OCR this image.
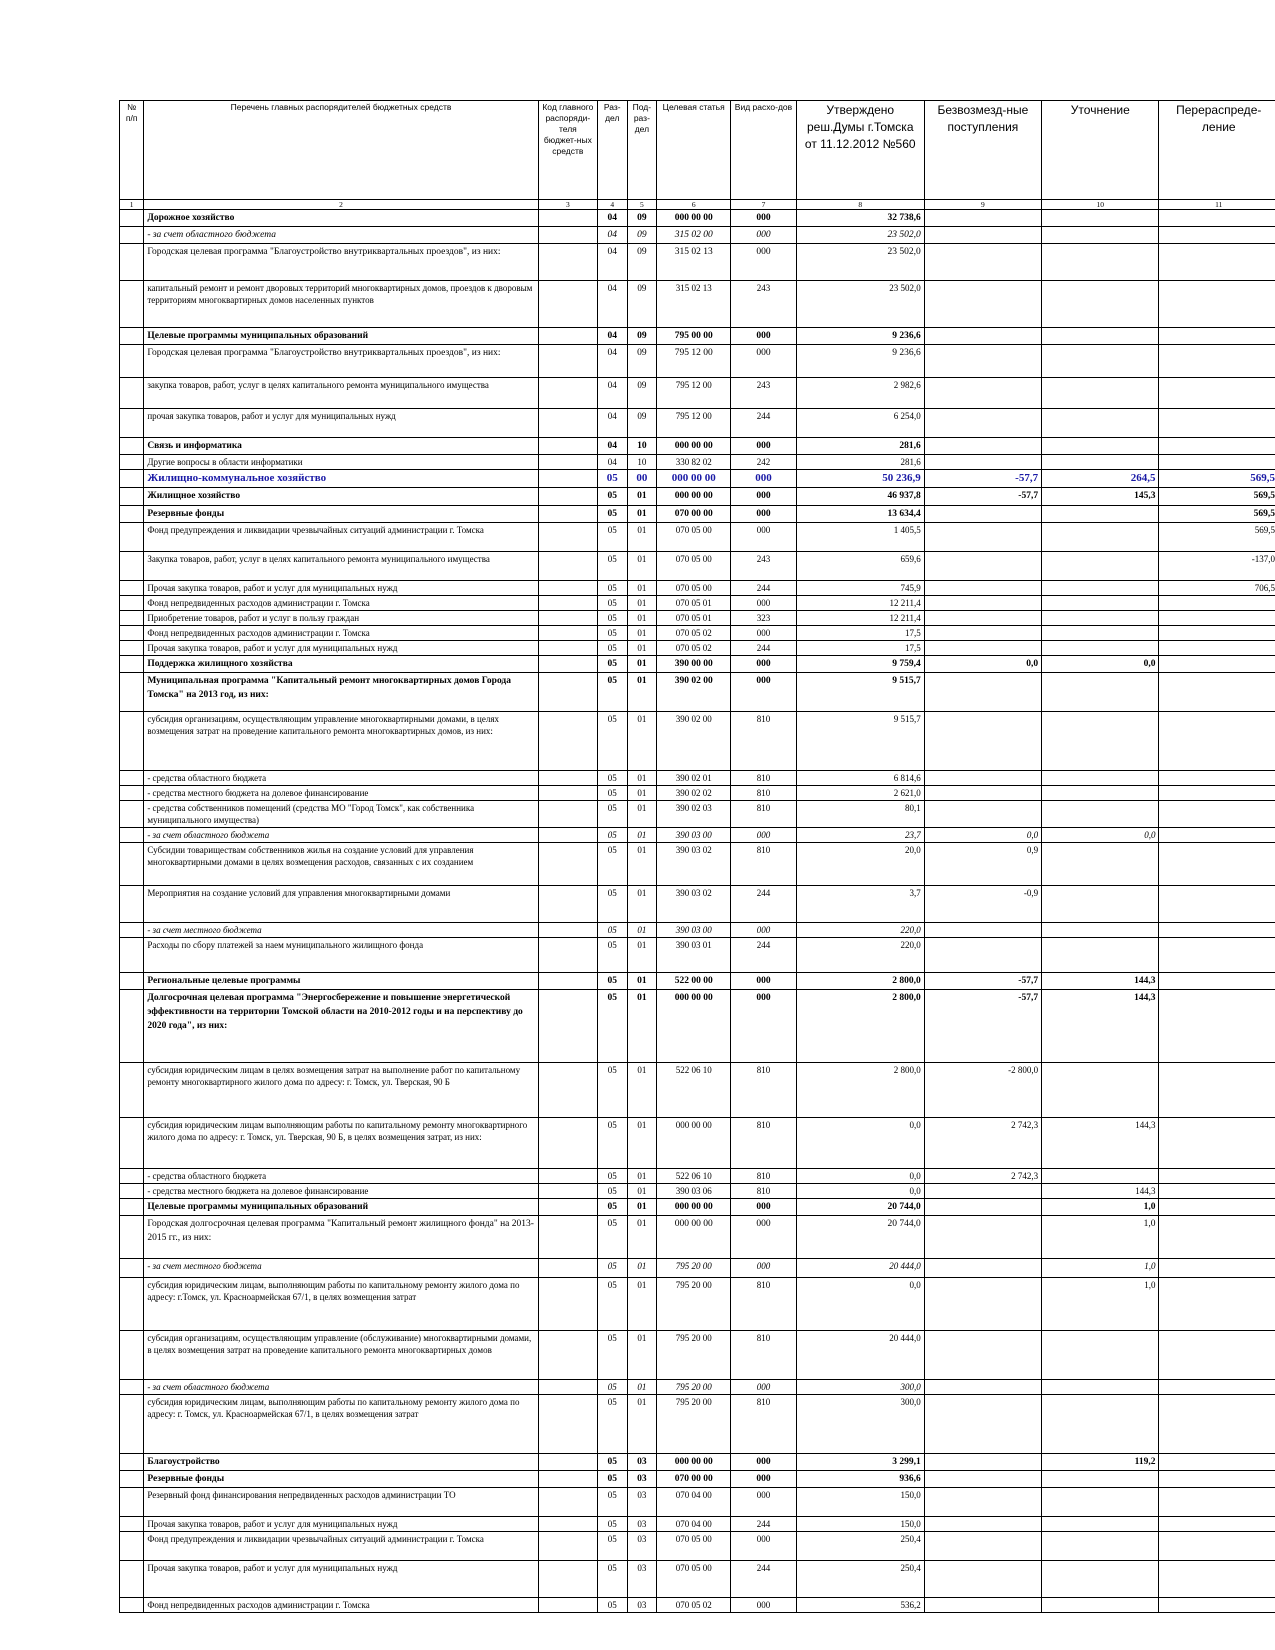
№ п/п	Перечень главных распорядителей бюджетных средств	Код главного распоряди-теля бюджет-ных средств	Раз-дел	Под-раз-дел	Целевая статья	Вид расхо-дов	Утверждено реш.Думы г.Томска от 11.12.2012 №560	Безвозмезд-ные поступления	Уточнение	Перераспреде-ление
1	2	3	4	5	6	7	8	9	10	11
	Дорожное хозяйство		04	09	000 00 00	000	32 738,6			
	- за счет областного бюджета		04	09	315 02 00	000	23 502,0			
	Городская целевая программа "Благоустройство внутриквартальных проездов", из них:		04	09	315 02 13	000	23 502,0			
	капитальный ремонт и ремонт дворовых территорий многоквартирных домов, проездов к дворовым территориям многоквартирных домов населенных пунктов		04	09	315 02 13	243	23 502,0			
	Целевые программы муниципальных образований		04	09	795 00 00	000	9 236,6			
	Городская целевая программа "Благоустройство внутриквартальных проездов", из них:		04	09	795 12 00	000	9 236,6			
	закупка товаров, работ, услуг в целях капитального ремонта муниципального имущества		04	09	795 12 00	243	2 982,6			
	прочая закупка товаров, работ и услуг для муниципальных нужд		04	09	795 12 00	244	6 254,0			
	Связь и информатика		04	10	000 00 00	000	281,6			
	Другие вопросы в области информатики		04	10	330 82 02	242	281,6			
	Жилищно-коммунальное хозяйство		05	00	000 00 00	000	50 236,9	-57,7	264,5	569,5
	Жилищное хозяйство		05	01	000 00 00	000	46 937,8	-57,7	145,3	569,5
	Резервные фонды		05	01	070 00 00	000	13 634,4			569,5
	Фонд предупреждения и ликвидации чрезвычайных ситуаций администрации г. Томска		05	01	070 05 00	000	1 405,5			569,5
	Закупка товаров, работ, услуг в целях капитального ремонта муниципального имущества		05	01	070 05 00	243	659,6			-137,0
	Прочая закупка товаров, работ и услуг для муниципальных нужд		05	01	070 05 00	244	745,9			706,5
	Фонд непредвиденных расходов администрации г. Томска		05	01	070 05 01	000	12 211,4			
	Приобретение товаров, работ и услуг в пользу граждан		05	01	070 05 01	323	12 211,4			
	Фонд непредвиденных расходов администрации г. Томска		05	01	070 05 02	000	17,5			
	Прочая закупка товаров, работ и услуг для муниципальных нужд		05	01	070 05 02	244	17,5			
	Поддержка жилищного хозяйства		05	01	390 00 00	000	9 759,4	0,0	0,0	
	Муниципальная программа "Капитальный ремонт многоквартирных домов Города Томска" на 2013 год, из них:		05	01	390 02 00	000	9 515,7			
	субсидия организациям, осуществляющим управление многоквартирными домами, в целях возмещения затрат на проведение капитального ремонта многоквартирных домов, из них:		05	01	390 02 00	810	9 515,7			
	- средства областного бюджета		05	01	390 02 01	810	6 814,6			
	- средства местного бюджета на долевое финансирование		05	01	390 02 02	810	2 621,0			
	- средства собственников помещений (средства МО "Город Томск", как собственника муниципального имущества)		05	01	390 02 03	810	80,1			
	- за счет областного бюджета		05	01	390 03 00	000	23,7	0,0	0,0	
	Субсидии товариществам собственников жилья на создание условий для управления многоквартирными домами в целях возмещения расходов, связанных с их созданием		05	01	390 03 02	810	20,0	0,9		
	Мероприятия на создание условий для управления многоквартирными домами		05	01	390 03 02	244	3,7	-0,9		
	- за счет местного бюджета		05	01	390 03 00	000	220,0			
	Расходы по сбору платежей за наем муниципального жилищного фонда		05	01	390 03 01	244	220,0			
	Региональные целевые программы		05	01	522 00 00	000	2 800,0	-57,7	144,3	
	Долгосрочная целевая программа "Энергосбережение и повышение энергетической эффективности на территории Томской области на 2010-2012 годы и на перспективу до 2020 года", из них:		05	01	000 00 00	000	2 800,0	-57,7	144,3	
	субсидия юридическим лицам в целях возмещения затрат на выполнение работ по капитальному ремонту многоквартирного жилого дома по адресу: г. Томск, ул. Тверская, 90 Б		05	01	522 06 10	810	2 800,0	-2 800,0		
	субсидия юридическим лицам выполняющим работы по капитальному ремонту многоквартирного жилого дома по адресу: г. Томск, ул. Тверская, 90 Б, в целях возмещения затрат, из них:		05	01	000 00 00	810	0,0	2 742,3	144,3	
	- средства областного бюджета		05	01	522 06 10	810	0,0	2 742,3		
	- средства местного бюджета на долевое финансирование		05	01	390 03 06	810	0,0		144,3	
	Целевые программы муниципальных образований		05	01	000 00 00	000	20 744,0		1,0	
	Городская долгосрочная целевая программа "Капитальный ремонт жилищного фонда" на 2013-2015 гг., из них:		05	01	000 00 00	000	20 744,0		1,0	
	- за счет местного бюджета		05	01	795 20 00	000	20 444,0		1,0	
	субсидия юридическим лицам, выполняющим работы по капитальному ремонту жилого дома по адресу: г.Томск, ул. Красноармейская 67/1, в целях возмещения затрат		05	01	795 20 00	810	0,0		1,0	
	субсидия организациям, осуществляющим управление (обслуживание) многоквартирными домами, в целях возмещения затрат на проведение капитального ремонта многоквартирных домов		05	01	795 20 00	810	20 444,0			
	- за счет областного бюджета		05	01	795 20 00	000	300,0			
	субсидия юридическим лицам, выполняющим работы по капитальному ремонту жилого дома по адресу: г. Томск, ул. Красноармейская 67/1, в целях возмещения затрат		05	01	795 20 00	810	300,0			
	Благоустройство		05	03	000 00 00	000	3 299,1		119,2	
	Резервные фонды		05	03	070 00 00	000	936,6			
	Резервный фонд финансирования непредвиденных расходов администрации ТО		05	03	070 04 00	000	150,0			
	Прочая закупка товаров, работ и услуг для муниципальных нужд		05	03	070 04 00	244	150,0			
	Фонд предупреждения и ликвидации чрезвычайных ситуаций администрации г. Томска		05	03	070 05 00	000	250,4			
	Прочая закупка товаров, работ и услуг для муниципальных нужд		05	03	070 05 00	244	250,4			
	Фонд непредвиденных расходов администрации г. Томска		05	03	070 05 02	000	536,2			
